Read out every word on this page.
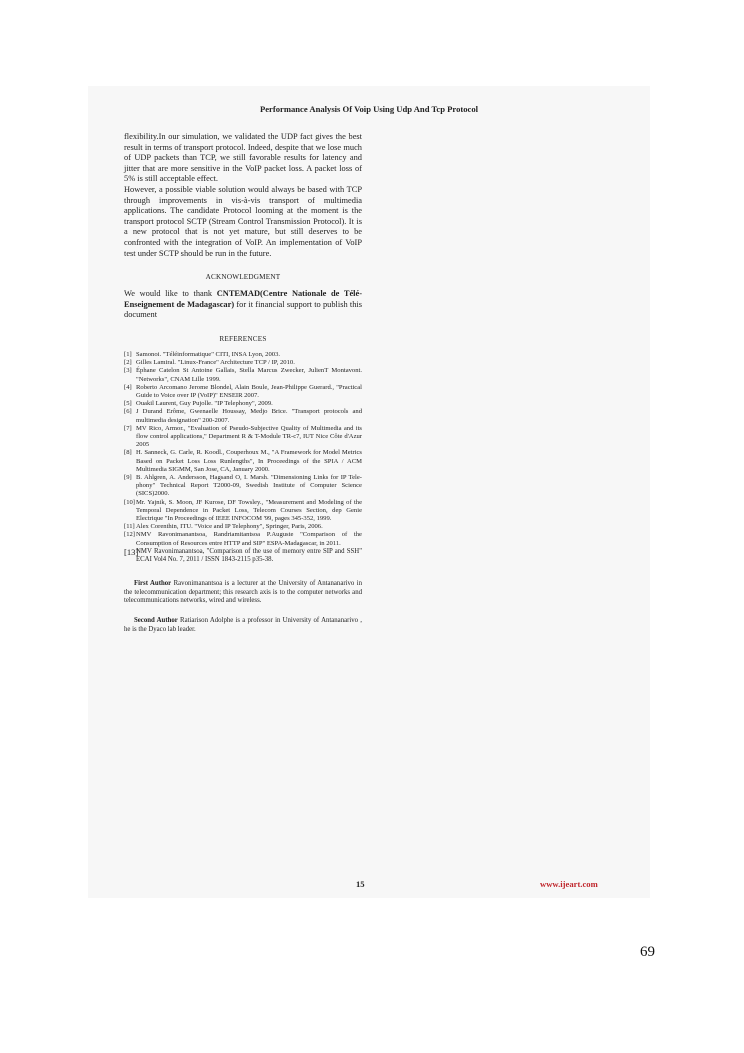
Performance Analysis Of Voip Using Udp And Tcp Protocol

flexibility.In our simulation, we validated the UDP fact gives the best result in terms of transport protocol. Indeed, despite that we lose much of UDP packets than TCP, we still favorable results for latency and jitter that are more sensitive in the VoIP packet loss. A packet loss of 5% is still acceptable effect.

However, a possible viable solution would always be based with TCP through improvements in vis-à-vis transport of multimedia applications. The candidate Protocol looming at the moment is the transport protocol SCTP (Stream Control Transmission Protocol). It is a new protocol that is not yet mature, but still deserves to be confronted with the integration of VoIP. An implementation of VoIP test under SCTP should be run in the future.

ACKNOWLEDGMENT

We would like to thank CNTEMAD(Centre Nationale de Télé-Enseignement de Madagascar) for it financial support to publish this document

REFERENCES
[1] Samonoi. "Téléinformatique" CITI, INSA Lyon, 2003.
[2] Gilles Lamiral. "Linux-France" Architecture TCP / IP, 2010.
[3] Éphane Catelon St Antoine Gallais, Stella Marcus Zwecker, JulienT Montavont. "Networks", CNAM Lille 1999.
[4] Roberto Arcomano Jerome Blondel, Alain Boule, Jean-Philippe Guerard., "Practical Guide to Voice over IP (VoIP)" ENSEIR 2007.
[5] Ouakil Laurent, Guy Pujolle. "IP Telephony", 2009.
[6] J Durand Erôme, Gwenaelle Houssay, Medjo Brice. "Transport protocols and multimedia designation" 200-2007.
[7] MV Rico, Armor., "Evaluation of Pseudo-Subjective Quality of Multimedia and its flow control applications," Department R & T-Module TR-c7, IUT Nice Côte d'Azur 2005
[8] H. Sanneck, G. Carle, R. Koodl., Couperhoux M., "A Framework for Model Metrics Based on Packet Loss Loss Runlengths", In Proceedings of the SPIA / ACM Multimedia SIGMM, San Jose, CA, January 2000.
[9] B. Ahlgren, A. Andersson, Hagsand O, I. Marsh. "Dimensioning Links for IP Tele-phony" Technical Report T2000-09, Swedish Institute of Computer Science (SICS)2000.
[10] Mr. Yajnik, S. Moon, JF Kurose, DF Towsley., "Measurement and Modeling of the Temporal Dependence in Packet Loss, Telecom Courses Section, dep Genie Electrique "In Proceedings of IEEE INFOCOM '99, pages 345-352, 1999.
[11] Alex Corenthin, ITU. "Voice and IP Telephony", Springer, Paris, 2006.
[12] NMV Ravonimanantsoa, Randriamitantsoa P.Auguste "Comparison of the Consumption of Resources entre HTTP and SIP" ESPA-Madagascar, in 2011.
[13]
NMV Ravonimanantsoa, "Comparison of the use of memory entre SIP and SSH" ECAI Vol4 No. 7, 2011 / ISSN 1843-2115 p35-38.

First Author Ravonimanantsoa is a lecturer at the University of Antananarivo in the telecommunication department; this research axis is to the computer networks and telecommunications networks, wired and wireless.

Second Author Ratiarison Adolphe is a professor in University of Antananarivo , he is the Dyaco lab leader.

15	www.ijeart.com
69
